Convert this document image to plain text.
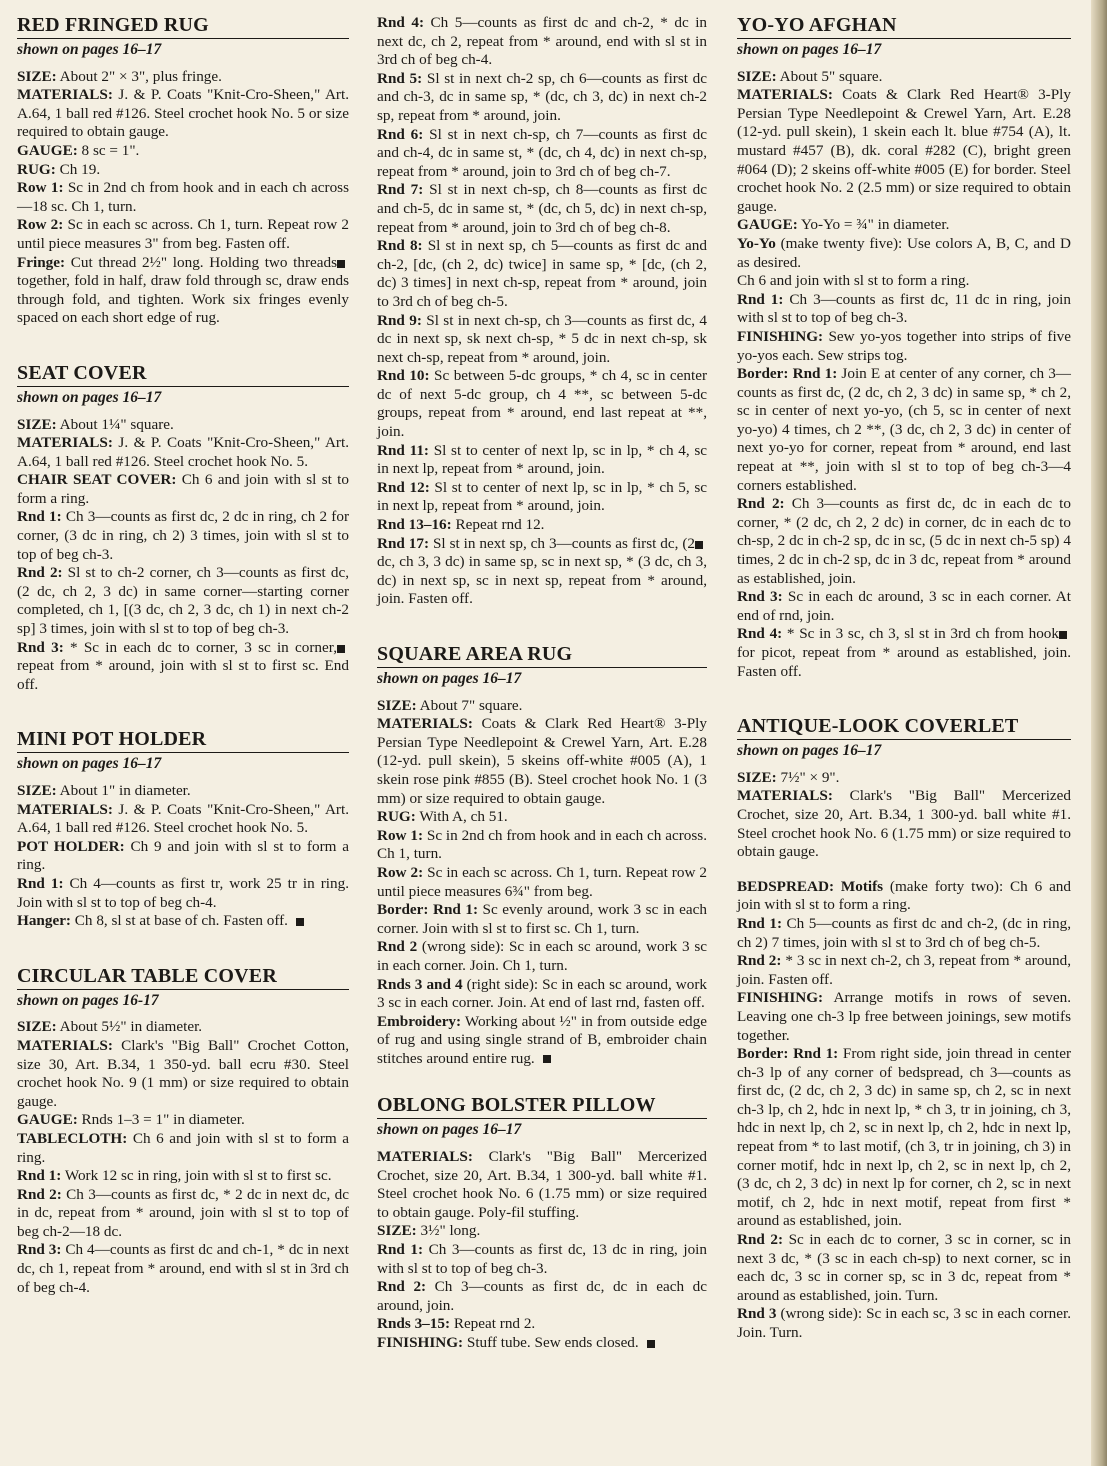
RED FRINGED RUG
shown on pages 16–17

SIZE: About 2" × 3", plus fringe.

MATERIALS: J. & P. Coats "Knit-Cro-Sheen," Art. A.64, 1 ball red #126. Steel crochet hook No. 5 or size required to obtain gauge.

GAUGE: 8 sc = 1".

RUG: Ch 19.

Row 1: Sc in 2nd ch from hook and in each ch across—18 sc. Ch 1, turn.

Row 2: Sc in each sc across. Ch 1, turn. Repeat row 2 until piece measures 3" from beg. Fasten off.

Fringe: Cut thread 2½" long. Holding two threads together, fold in half, draw fold through sc, draw ends through fold, and tighten. Work six fringes evenly spaced on each short edge of rug.

SEAT COVER
shown on pages 16–17

SIZE: About 1¼" square.

MATERIALS: J. & P. Coats "Knit-Cro-Sheen," Art. A.64, 1 ball red #126. Steel crochet hook No. 5.

CHAIR SEAT COVER: Ch 6 and join with sl st to form a ring.

Rnd 1: Ch 3—counts as first dc, 2 dc in ring, ch 2 for corner, (3 dc in ring, ch 2) 3 times, join with sl st to top of beg ch-3.

Rnd 2: Sl st to ch-2 corner, ch 3—counts as first dc, (2 dc, ch 2, 3 dc) in same corner—starting corner completed, ch 1, [(3 dc, ch 2, 3 dc, ch 1) in next ch-2 sp] 3 times, join with sl st to top of beg ch-3.

Rnd 3: * Sc in each dc to corner, 3 sc in corner, repeat from * around, join with sl st to first sc. End off.

MINI POT HOLDER
shown on pages 16–17

SIZE: About 1" in diameter.

MATERIALS: J. & P. Coats "Knit-Cro-Sheen," Art. A.64, 1 ball red #126. Steel crochet hook No. 5.

POT HOLDER: Ch 9 and join with sl st to form a ring.

Rnd 1: Ch 4—counts as first tr, work 25 tr in ring. Join with sl st to top of beg ch-4.

Hanger: Ch 8, sl st at base of ch. Fasten off.

CIRCULAR TABLE COVER
shown on pages 16-17

SIZE: About 5½" in diameter.

MATERIALS: Clark's "Big Ball" Crochet Cotton, size 30, Art. B.34, 1 350-yd. ball ecru #30. Steel crochet hook No. 9 (1 mm) or size required to obtain gauge.

GAUGE: Rnds 1–3 = 1" in diameter.

TABLECLOTH: Ch 6 and join with sl st to form a ring.

Rnd 1: Work 12 sc in ring, join with sl st to first sc.

Rnd 2: Ch 3—counts as first dc, * 2 dc in next dc, dc in dc, repeat from * around, join with sl st to top of beg ch-2—18 dc.

Rnd 3: Ch 4—counts as first dc and ch-1, * dc in next dc, ch 1, repeat from * around, end with sl st in 3rd ch of beg ch-4.

Rnd 4: Ch 5—counts as first dc and ch-2, * dc in next dc, ch 2, repeat from * around, end with sl st in 3rd ch of beg ch-4.

Rnd 5: Sl st in next ch-2 sp, ch 6—counts as first dc and ch-3, dc in same sp, * (dc, ch 3, dc) in next ch-2 sp, repeat from * around, join.

Rnd 6: Sl st in next ch-sp, ch 7—counts as first dc and ch-4, dc in same st, * (dc, ch 4, dc) in next ch-sp, repeat from * around, join to 3rd ch of beg ch-7.

Rnd 7: Sl st in next ch-sp, ch 8—counts as first dc and ch-5, dc in same st, * (dc, ch 5, dc) in next ch-sp, repeat from * around, join to 3rd ch of beg ch-8.

Rnd 8: Sl st in next sp, ch 5—counts as first dc and ch-2, [dc, (ch 2, dc) twice] in same sp, * [dc, (ch 2, dc) 3 times] in next ch-sp, repeat from * around, join to 3rd ch of beg ch-5.

Rnd 9: Sl st in next ch-sp, ch 3—counts as first dc, 4 dc in next sp, sk next ch-sp, * 5 dc in next ch-sp, sk next ch-sp, repeat from * around, join.

Rnd 10: Sc between 5-dc groups, * ch 4, sc in center dc of next 5-dc group, ch 4 **, sc between 5-dc groups, repeat from * around, end last repeat at **, join.

Rnd 11: Sl st to center of next lp, sc in lp, * ch 4, sc in next lp, repeat from * around, join.

Rnd 12: Sl st to center of next lp, sc in lp, * ch 5, sc in next lp, repeat from * around, join.

Rnd 13–16: Repeat rnd 12.

Rnd 17: Sl st in next sp, ch 3—counts as first dc, (2 dc, ch 3, 3 dc) in same sp, sc in next sp, * (3 dc, ch 3, dc) in next sp, sc in next sp, repeat from * around, join. Fasten off.

SQUARE AREA RUG
shown on pages 16–17

SIZE: About 7" square.

MATERIALS: Coats & Clark Red Heart® 3-Ply Persian Type Needlepoint & Crewel Yarn, Art. E.28 (12-yd. pull skein), 5 skeins off-white #005 (A), 1 skein rose pink #855 (B). Steel crochet hook No. 1 (3 mm) or size required to obtain gauge.

RUG: With A, ch 51.

Row 1: Sc in 2nd ch from hook and in each ch across. Ch 1, turn.

Row 2: Sc in each sc across. Ch 1, turn. Repeat row 2 until piece measures 6¾" from beg.

Border: Rnd 1: Sc evenly around, work 3 sc in each corner. Join with sl st to first sc. Ch 1, turn.

Rnd 2 (wrong side): Sc in each sc around, work 3 sc in each corner. Join. Ch 1, turn.

Rnds 3 and 4 (right side): Sc in each sc around, work 3 sc in each corner. Join. At end of last rnd, fasten off.

Embroidery: Working about ½" in from outside edge of rug and using single strand of B, embroider chain stitches around entire rug.

OBLONG BOLSTER PILLOW
shown on pages 16–17

MATERIALS: Clark's "Big Ball" Mercerized Crochet, size 20, Art. B.34, 1 300-yd. ball white #1. Steel crochet hook No. 6 (1.75 mm) or size required to obtain gauge. Poly-fil stuffing.

SIZE: 3½" long.

Rnd 1: Ch 3—counts as first dc, 13 dc in ring, join with sl st to top of beg ch-3.

Rnd 2: Ch 3—counts as first dc, dc in each dc around, join.

Rnds 3–15: Repeat rnd 2.

FINISHING: Stuff tube. Sew ends closed.

YO-YO AFGHAN
shown on pages 16–17

SIZE: About 5" square.

MATERIALS: Coats & Clark Red Heart® 3-Ply Persian Type Needlepoint & Crewel Yarn, Art. E.28 (12-yd. pull skein), 1 skein each lt. blue #754 (A), lt. mustard #457 (B), dk. coral #282 (C), bright green #064 (D); 2 skeins off-white #005 (E) for border. Steel crochet hook No. 2 (2.5 mm) or size required to obtain gauge.

GAUGE: Yo-Yo = ¾" in diameter.

Yo-Yo (make twenty five): Use colors A, B, C, and D as desired.

Ch 6 and join with sl st to form a ring.

Rnd 1: Ch 3—counts as first dc, 11 dc in ring, join with sl st to top of beg ch-3.

FINISHING: Sew yo-yos together into strips of five yo-yos each. Sew strips tog.

Border: Rnd 1: Join E at center of any corner, ch 3—counts as first dc, (2 dc, ch 2, 3 dc) in same sp, * ch 2, sc in center of next yo-yo, (ch 5, sc in center of next yo-yo) 4 times, ch 2 **, (3 dc, ch 2, 3 dc) in center of next yo-yo for corner, repeat from * around, end last repeat at **, join with sl st to top of beg ch-3—4 corners established.

Rnd 2: Ch 3—counts as first dc, dc in each dc to corner, * (2 dc, ch 2, 2 dc) in corner, dc in each dc to ch-sp, 2 dc in ch-2 sp, dc in sc, (5 dc in next ch-5 sp) 4 times, 2 dc in ch-2 sp, dc in 3 dc, repeat from * around as established, join.

Rnd 3: Sc in each dc around, 3 sc in each corner. At end of rnd, join.

Rnd 4: * Sc in 3 sc, ch 3, sl st in 3rd ch from hook for picot, repeat from * around as established, join. Fasten off.

ANTIQUE-LOOK COVERLET
shown on pages 16–17

SIZE: 7½" × 9".

MATERIALS: Clark's "Big Ball" Mercerized Crochet, size 20, Art. B.34, 1 300-yd. ball white #1. Steel crochet hook No. 6 (1.75 mm) or size required to obtain gauge.

BEDSPREAD: Motifs (make forty two): Ch 6 and join with sl st to form a ring.

Rnd 1: Ch 5—counts as first dc and ch-2, (dc in ring, ch 2) 7 times, join with sl st to 3rd ch of beg ch-5.

Rnd 2: * 3 sc in next ch-2, ch 3, repeat from * around, join. Fasten off.

FINISHING: Arrange motifs in rows of seven. Leaving one ch-3 lp free between joinings, sew motifs together.

Border: Rnd 1: From right side, join thread in center ch-3 lp of any corner of bedspread, ch 3—counts as first dc, (2 dc, ch 2, 3 dc) in same sp, ch 2, sc in next ch-3 lp, ch 2, hdc in next lp, * ch 3, tr in joining, ch 3, hdc in next lp, ch 2, sc in next lp, ch 2, hdc in next lp, repeat from * to last motif, (ch 3, tr in joining, ch 3) in corner motif, hdc in next lp, ch 2, sc in next lp, ch 2, (3 dc, ch 2, 3 dc) in next lp for corner, ch 2, sc in next motif, ch 2, hdc in next motif, repeat from first * around as established, join.

Rnd 2: Sc in each dc to corner, 3 sc in corner, sc in next 3 dc, * (3 sc in each ch-sp) to next corner, sc in each dc, 3 sc in corner sp, sc in 3 dc, repeat from * around as established, join. Turn.

Rnd 3 (wrong side): Sc in each sc, 3 sc in each corner. Join. Turn.
